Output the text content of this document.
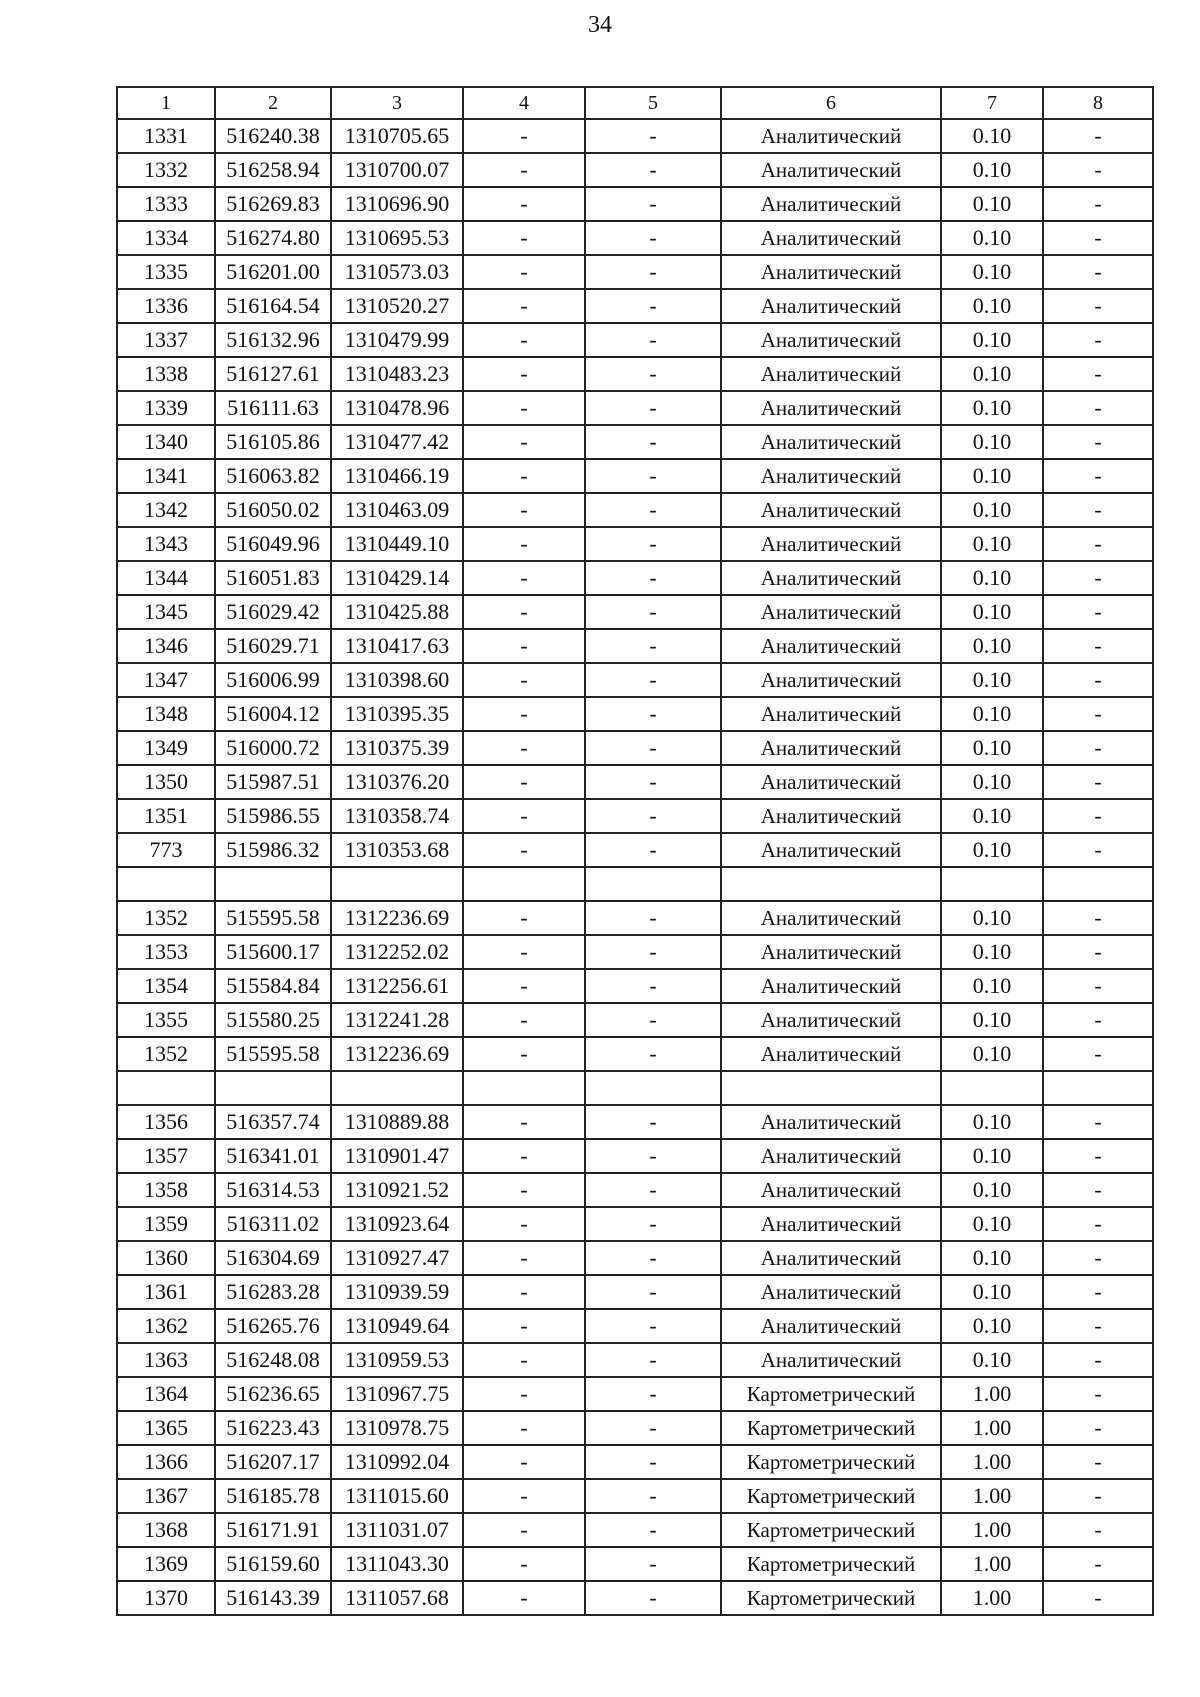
34
1	2	3	4	5	6	7	8
1331	516240.38	1310705.65	-	-	Аналитический	0.10	-
1332	516258.94	1310700.07	-	-	Аналитический	0.10	-
1333	516269.83	1310696.90	-	-	Аналитический	0.10	-
1334	516274.80	1310695.53	-	-	Аналитический	0.10	-
1335	516201.00	1310573.03	-	-	Аналитический	0.10	-
1336	516164.54	1310520.27	-	-	Аналитический	0.10	-
1337	516132.96	1310479.99	-	-	Аналитический	0.10	-
1338	516127.61	1310483.23	-	-	Аналитический	0.10	-
1339	516111.63	1310478.96	-	-	Аналитический	0.10	-
1340	516105.86	1310477.42	-	-	Аналитический	0.10	-
1341	516063.82	1310466.19	-	-	Аналитический	0.10	-
1342	516050.02	1310463.09	-	-	Аналитический	0.10	-
1343	516049.96	1310449.10	-	-	Аналитический	0.10	-
1344	516051.83	1310429.14	-	-	Аналитический	0.10	-
1345	516029.42	1310425.88	-	-	Аналитический	0.10	-
1346	516029.71	1310417.63	-	-	Аналитический	0.10	-
1347	516006.99	1310398.60	-	-	Аналитический	0.10	-
1348	516004.12	1310395.35	-	-	Аналитический	0.10	-
1349	516000.72	1310375.39	-	-	Аналитический	0.10	-
1350	515987.51	1310376.20	-	-	Аналитический	0.10	-
1351	515986.55	1310358.74	-	-	Аналитический	0.10	-
773	515986.32	1310353.68	-	-	Аналитический	0.10	-

1352	515595.58	1312236.69	-	-	Аналитический	0.10	-
1353	515600.17	1312252.02	-	-	Аналитический	0.10	-
1354	515584.84	1312256.61	-	-	Аналитический	0.10	-
1355	515580.25	1312241.28	-	-	Аналитический	0.10	-
1352	515595.58	1312236.69	-	-	Аналитический	0.10	-

1356	516357.74	1310889.88	-	-	Аналитический	0.10	-
1357	516341.01	1310901.47	-	-	Аналитический	0.10	-
1358	516314.53	1310921.52	-	-	Аналитический	0.10	-
1359	516311.02	1310923.64	-	-	Аналитический	0.10	-
1360	516304.69	1310927.47	-	-	Аналитический	0.10	-
1361	516283.28	1310939.59	-	-	Аналитический	0.10	-
1362	516265.76	1310949.64	-	-	Аналитический	0.10	-
1363	516248.08	1310959.53	-	-	Аналитический	0.10	-
1364	516236.65	1310967.75	-	-	Картометрический	1.00	-
1365	516223.43	1310978.75	-	-	Картометрический	1.00	-
1366	516207.17	1310992.04	-	-	Картометрический	1.00	-
1367	516185.78	1311015.60	-	-	Картометрический	1.00	-
1368	516171.91	1311031.07	-	-	Картометрический	1.00	-
1369	516159.60	1311043.30	-	-	Картометрический	1.00	-
1370	516143.39	1311057.68	-	-	Картометрический	1.00	-
